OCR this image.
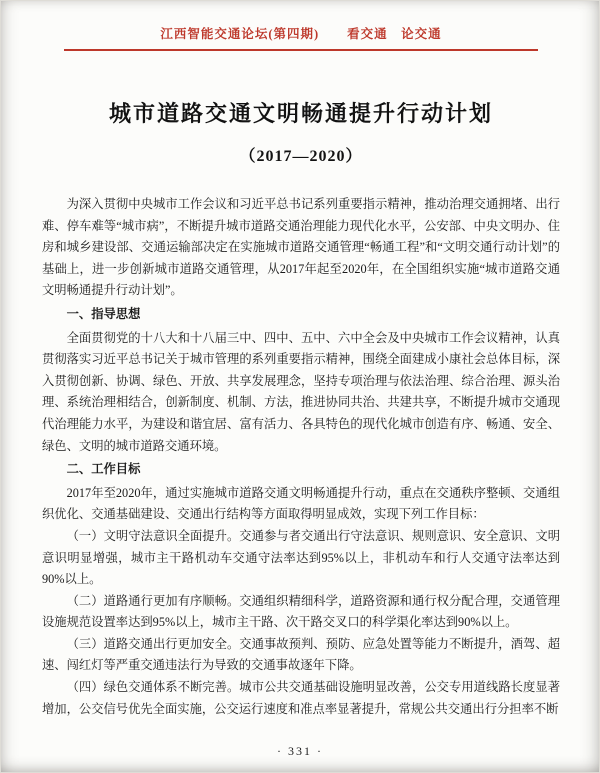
江西智能交通论坛(第四期) 看交通　论交通
城市道路交通文明畅通提升行动计划
（2017—2020）

为深入贯彻中央城市工作会议和习近平总书记系列重要指示精神，推动治理交通拥堵、出行难、停车难等“城市病”，不断提升城市道路交通治理能力现代化水平，公安部、中央文明办、住房和城乡建设部、交通运输部决定在实施城市道路交通管理“畅通工程”和“文明交通行动计划”的基础上，进一步创新城市道路交通管理，从2017年起至2020年，在全国组织实施“城市道路交通文明畅通提升行动计划”。

一、指导思想

全面贯彻党的十八大和十八届三中、四中、五中、六中全会及中央城市工作会议精神，认真贯彻落实习近平总书记关于城市管理的系列重要指示精神，围绕全面建成小康社会总体目标，深入贯彻创新、协调、绿色、开放、共享发展理念，坚持专项治理与依法治理、综合治理、源头治理、系统治理相结合，创新制度、机制、方法，推进协同共治、共建共享，不断提升城市交通现代治理能力水平，为建设和谐宜居、富有活力、各具特色的现代化城市创造有序、畅通、安全、绿色、文明的城市道路交通环境。

二、工作目标

2017年至2020年，通过实施城市道路交通文明畅通提升行动，重点在交通秩序整顿、交通组织优化、交通基础建设、交通出行结构等方面取得明显成效，实现下列工作目标：

（一）文明守法意识全面提升。交通参与者交通出行守法意识、规则意识、安全意识、文明意识明显增强，城市主干路机动车交通守法率达到95%以上，非机动车和行人交通守法率达到90%以上。

（二）道路通行更加有序顺畅。交通组织精细科学，道路资源和通行权分配合理，交通管理设施规范设置率达到95%以上，城市主干路、次干路交叉口的科学渠化率达到90%以上。

（三）道路交通出行更加安全。交通事故预判、预防、应急处置等能力不断提升，酒驾、超速、闯红灯等严重交通违法行为导致的交通事故逐年下降。

（四）绿色交通体系不断完善。城市公共交通基础设施明显改善，公交专用道线路长度显著增加，公交信号优先全面实施，公交运行速度和准点率显著提升，常规公共交通出行分担率不断

· 331 ·
